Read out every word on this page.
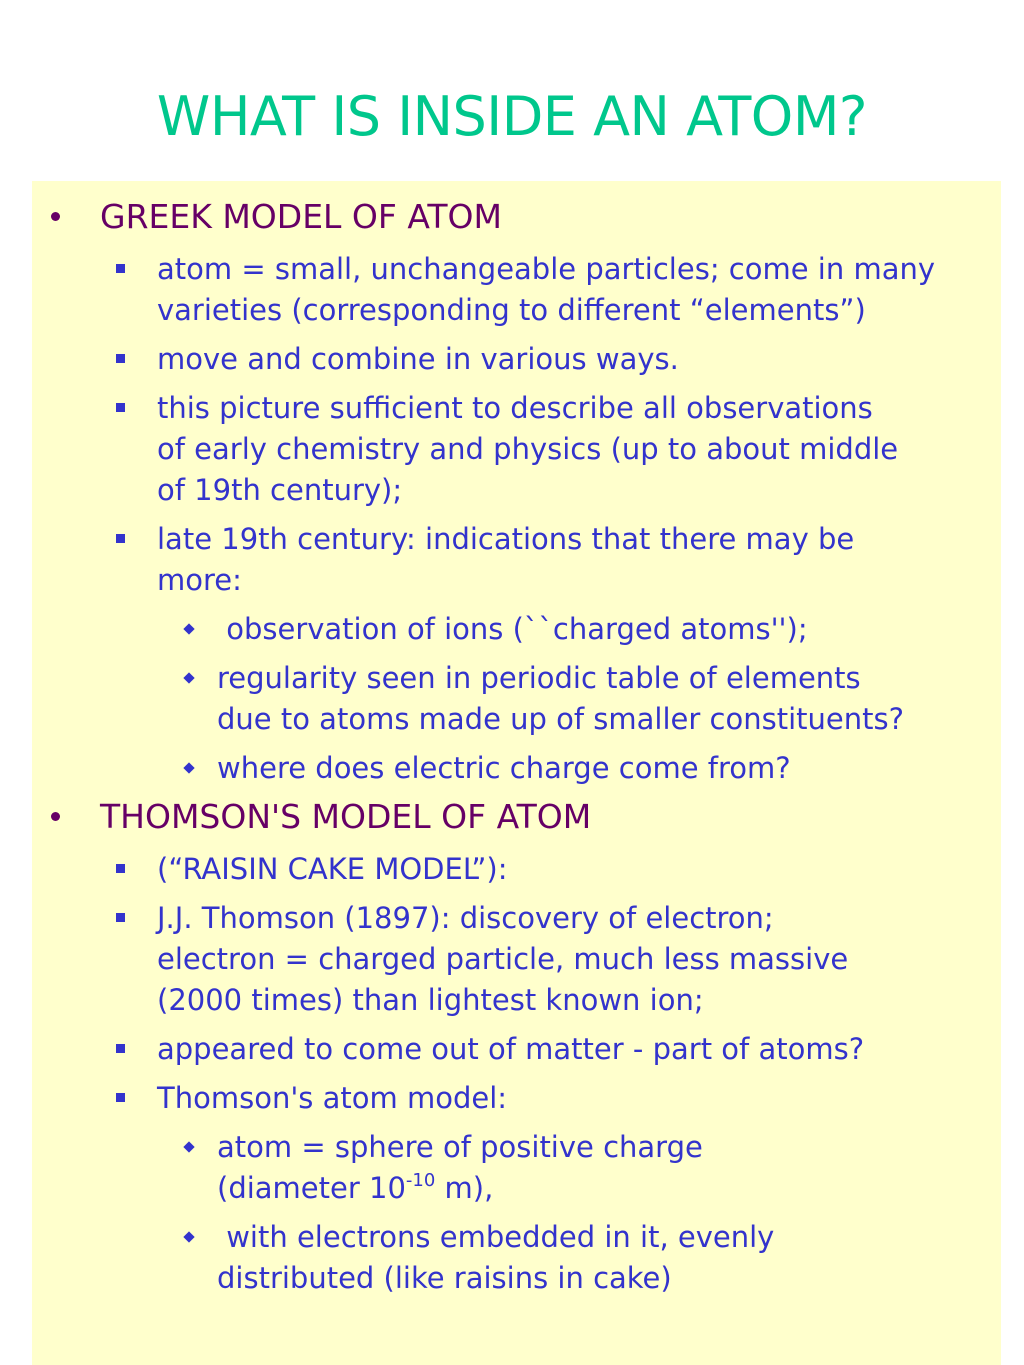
WHAT IS INSIDE AN ATOM?
GREEK MODEL OF ATOM
atom = small, unchangeable particles; come in many
varieties (corresponding to different “elements”)
move and combine in various ways.
this picture sufficient to describe all observations
of early chemistry and physics (up to about middle
of 19th century);
late 19th century: indications that there may be
more:
observation of ions (``charged atoms'');
regularity seen in periodic table of elements
due to atoms made up of smaller constituents?
where does electric charge come from?
THOMSON'S MODEL OF ATOM
(“RAISIN CAKE MODEL”):
J.J. Thomson (1897): discovery of electron;
electron = charged particle, much less massive
(2000 times) than lightest known ion;
appeared to come out of matter - part of atoms?
Thomson's atom model:
atom = sphere of positive charge
(diameter $10^{-10}$ m),
with electrons embedded in it, evenly
distributed (like raisins in cake)
